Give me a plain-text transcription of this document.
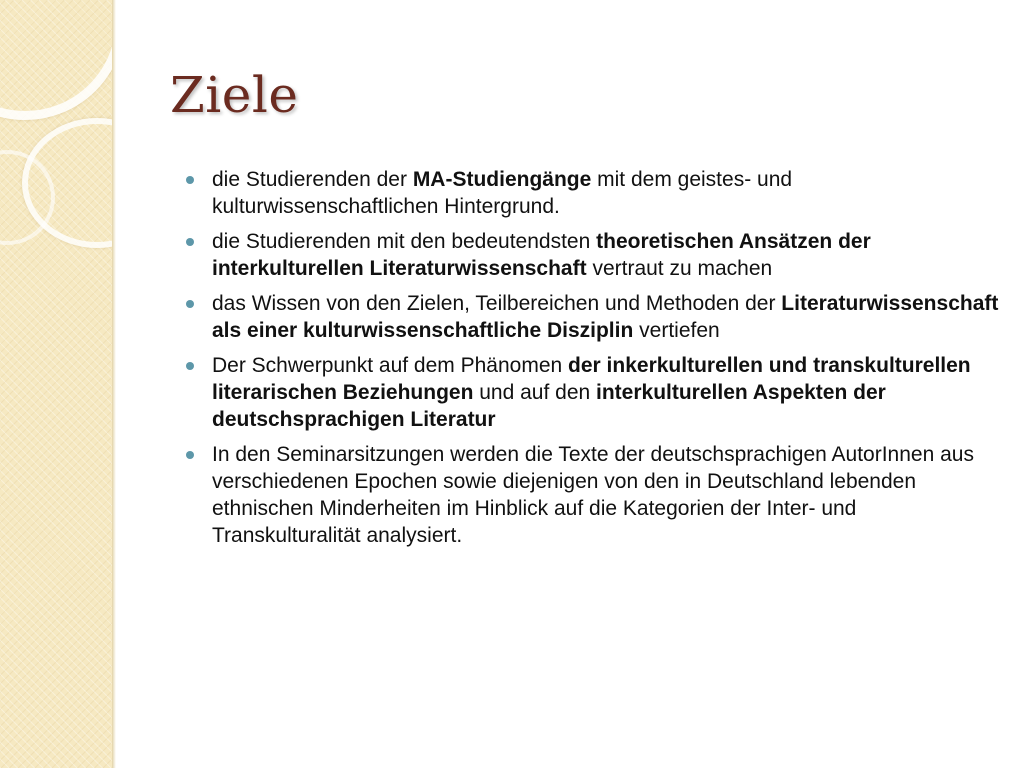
Ziele
die Studierenden der MA-Studiengänge mit dem geistes- und kulturwissenschaftlichen Hintergrund.
die Studierenden mit den bedeutendsten theoretischen Ansätzen der interkulturellen Literaturwissenschaft vertraut zu machen
das Wissen von den Zielen, Teilbereichen und Methoden der Literaturwissenschaft als einer kulturwissenschaftliche Disziplin vertiefen
Der Schwerpunkt auf dem Phänomen der inkerkulturellen und transkulturellen literarischen Beziehungen und auf den interkulturellen Aspekten der deutschsprachigen Literatur
In den Seminarsitzungen werden die Texte der deutschsprachigen AutorInnen aus verschiedenen Epochen sowie diejenigen von den in Deutschland lebenden ethnischen Minderheiten im Hinblick auf die Kategorien der Inter- und Transkulturalität analysiert.
